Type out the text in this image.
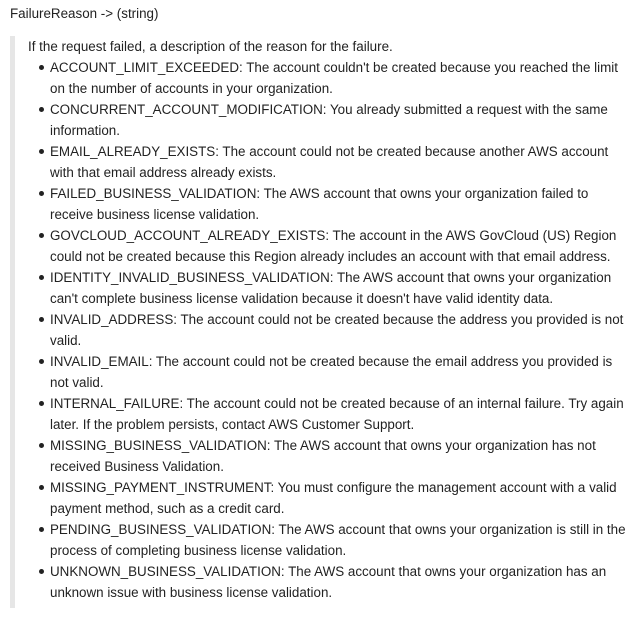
FailureReason -> (string)
If the request failed, a description of the reason for the failure.
ACCOUNT_LIMIT_EXCEEDED: The account couldn't be created because you reached the limit on the number of accounts in your organization.
CONCURRENT_ACCOUNT_MODIFICATION: You already submitted a request with the same information.
EMAIL_ALREADY_EXISTS: The account could not be created because another AWS account with that email address already exists.
FAILED_BUSINESS_VALIDATION: The AWS account that owns your organization failed to receive business license validation.
GOVCLOUD_ACCOUNT_ALREADY_EXISTS: The account in the AWS GovCloud (US) Region could not be created because this Region already includes an account with that email address.
IDENTITY_INVALID_BUSINESS_VALIDATION: The AWS account that owns your organization can't complete business license validation because it doesn't have valid identity data.
INVALID_ADDRESS: The account could not be created because the address you provided is not valid.
INVALID_EMAIL: The account could not be created because the email address you provided is not valid.
INTERNAL_FAILURE: The account could not be created because of an internal failure. Try again later. If the problem persists, contact AWS Customer Support.
MISSING_BUSINESS_VALIDATION: The AWS account that owns your organization has not received Business Validation.
MISSING_PAYMENT_INSTRUMENT: You must configure the management account with a valid payment method, such as a credit card.
PENDING_BUSINESS_VALIDATION: The AWS account that owns your organization is still in the process of completing business license validation.
UNKNOWN_BUSINESS_VALIDATION: The AWS account that owns your organization has an unknown issue with business license validation.
